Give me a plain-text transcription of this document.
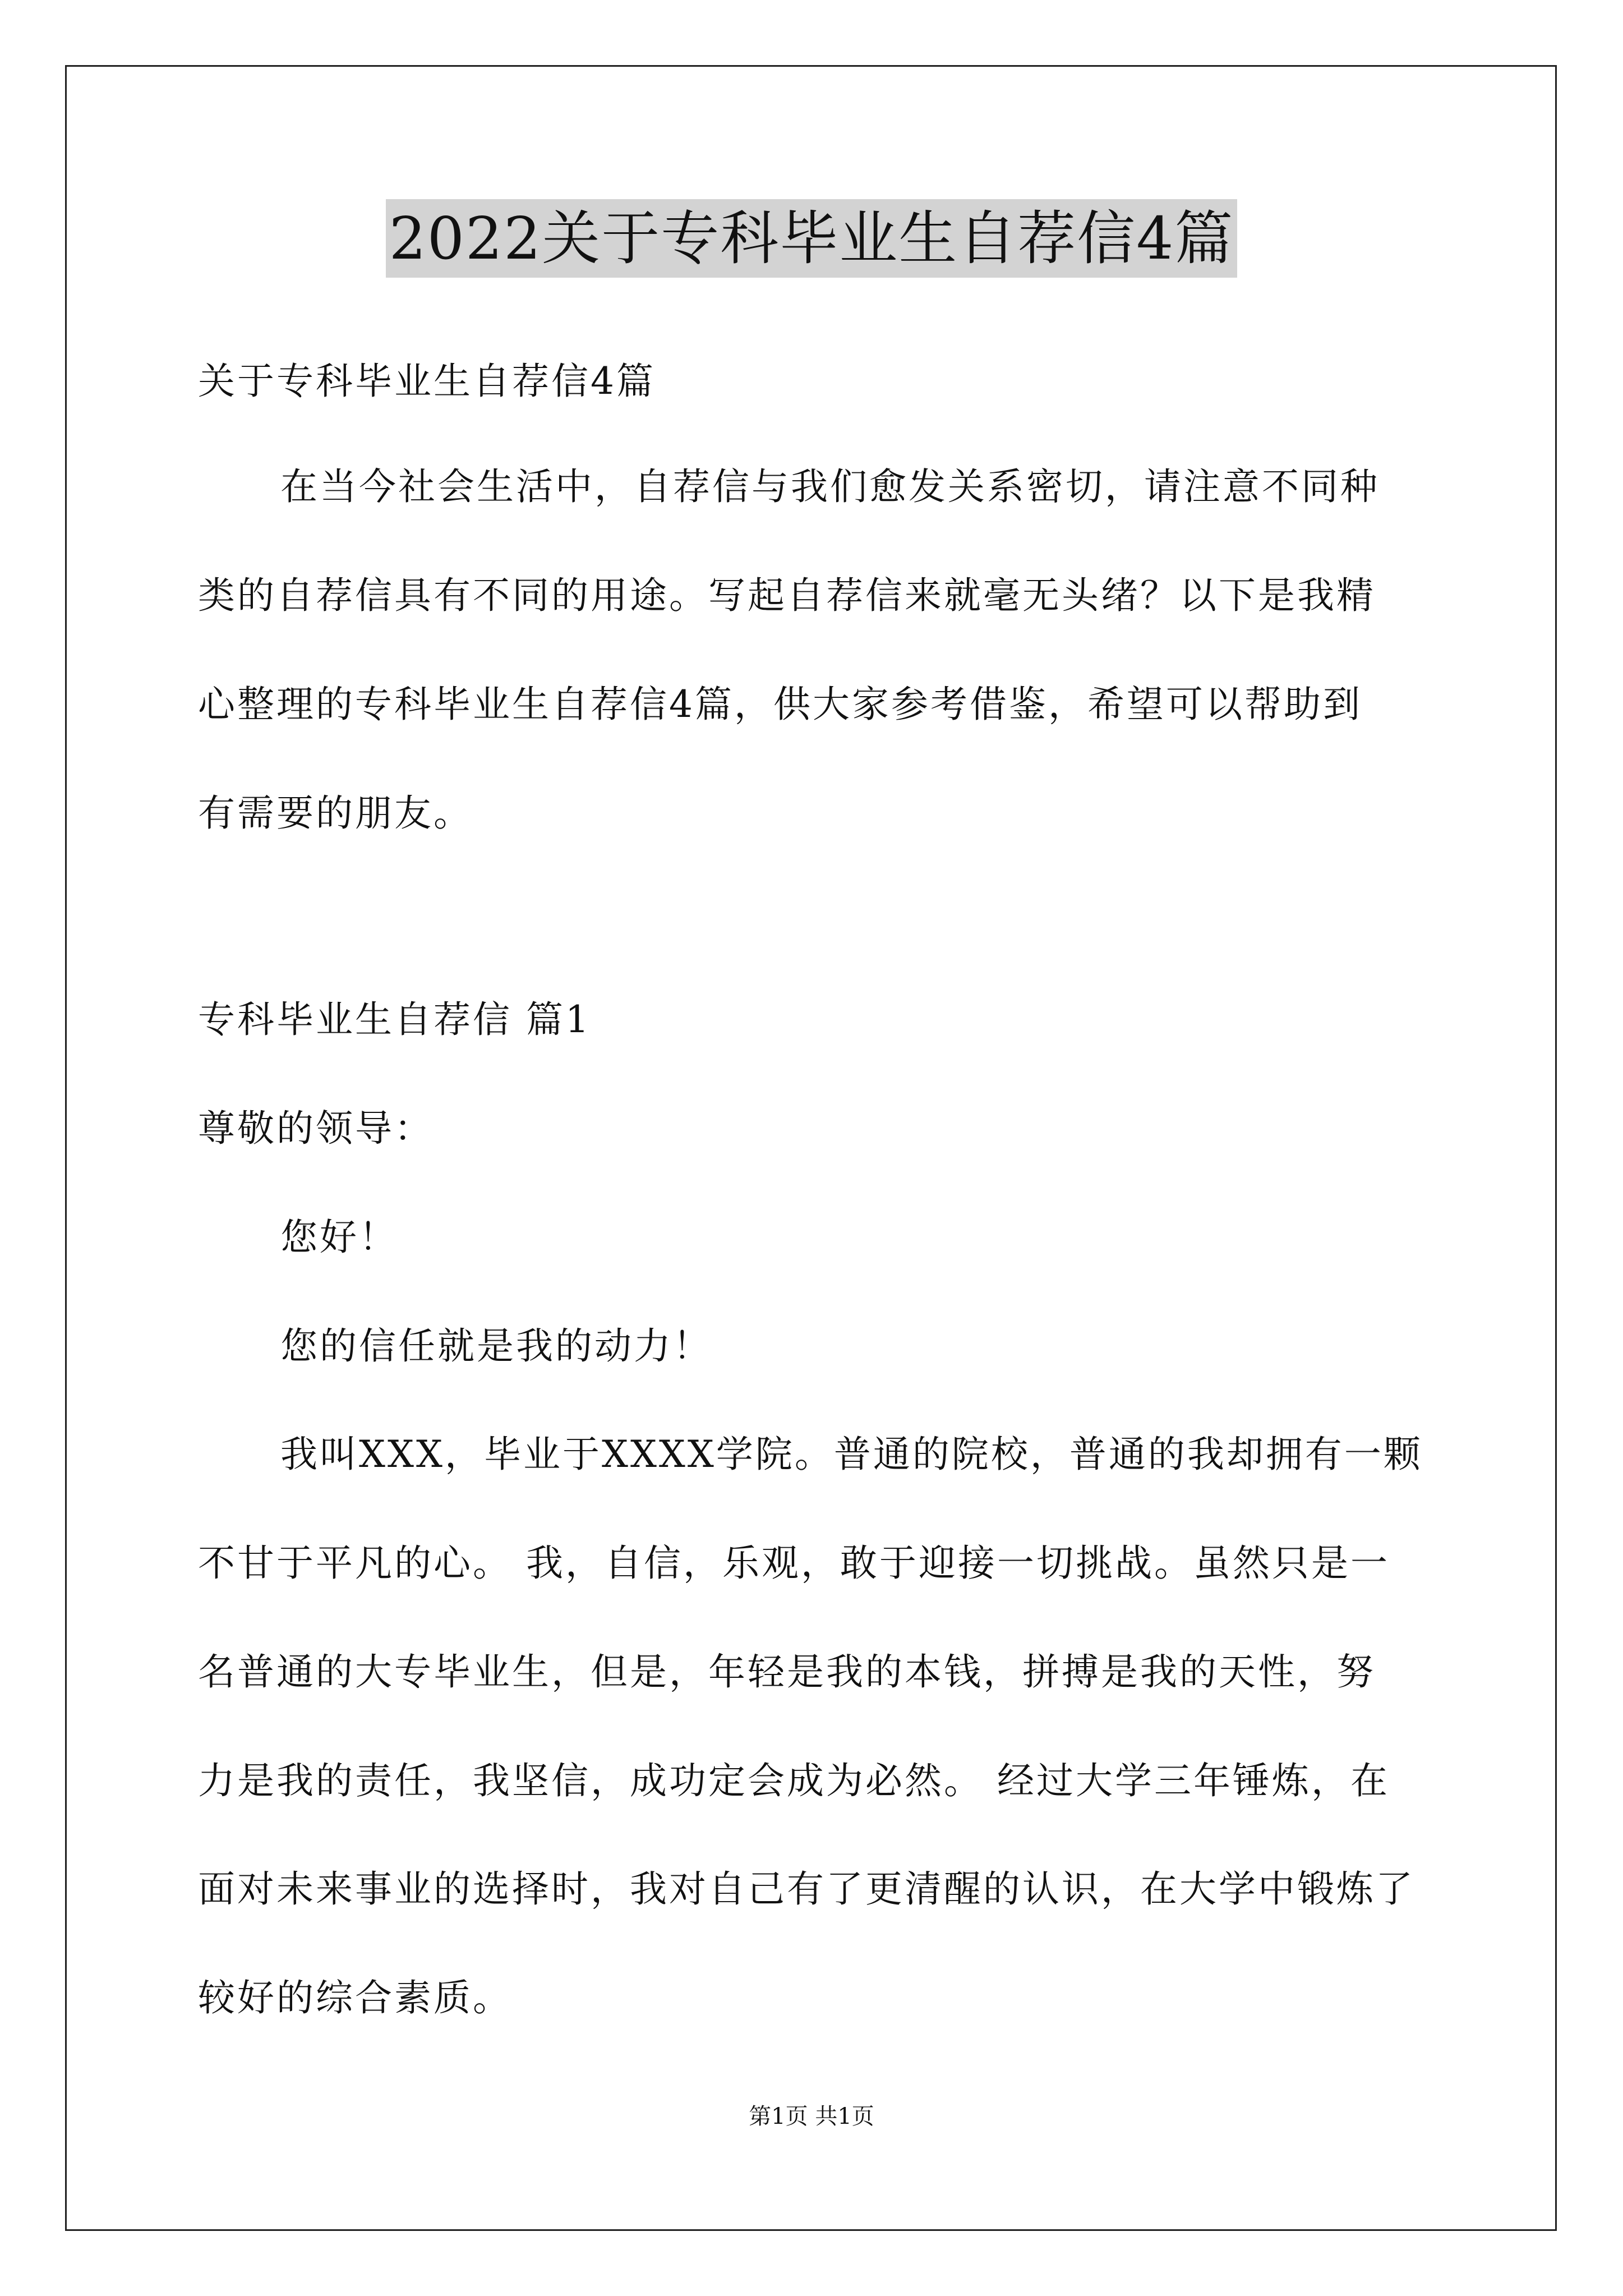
2022关于专科毕业生自荐信4篇
关于专科毕业生自荐信4篇
在当今社会生活中，自荐信与我们愈发关系密切，请注意不同种
类的自荐信具有不同的用途。写起自荐信来就毫无头绪？以下是我精
心整理的专科毕业生自荐信4篇，供大家参考借鉴，希望可以帮助到
有需要的朋友。
专科毕业生自荐信 篇1
尊敬的领导：
您好！
您的信任就是我的动力！
我叫XXX，毕业于XXXX学院。普通的院校，普通的我却拥有一颗
不甘于平凡的心。 我，自信，乐观，敢于迎接一切挑战。虽然只是一
名普通的大专毕业生，但是，年轻是我的本钱，拼搏是我的天性，努
力是我的责任，我坚信，成功定会成为必然。 经过大学三年锤炼，在
面对未来事业的选择时，我对自己有了更清醒的认识，在大学中锻炼了
较好的综合素质。
第1页 共1页
